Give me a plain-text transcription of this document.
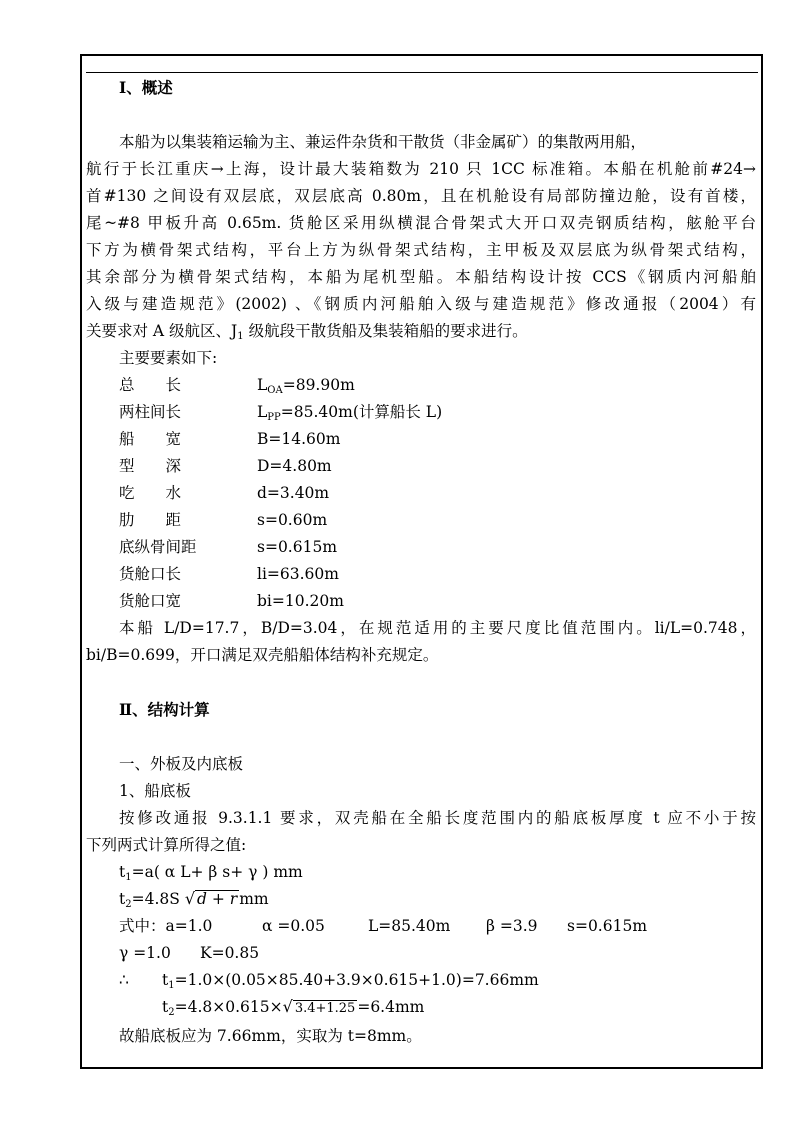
Ⅰ、概述
本船为以集装箱运输为主、兼运件杂货和干散货（非金属矿）的集散两用船，
航行于长江重庆→上海，设计最大装箱数为 210 只 1CC 标准箱。本船在机舱前#24→
首#130 之间设有双层底，双层底高 0.80m，且在机舱设有局部防撞边舱，设有首楼，
尾~#8 甲板升高 0.65m. 货舱区采用纵横混合骨架式大开口双壳钢质结构，舷舱平台
下方为横骨架式结构，平台上方为纵骨架式结构，主甲板及双层底为纵骨架式结构，
其余部分为横骨架式结构，本船为尾机型船。本船结构设计按 CCS《钢质内河船舶
入级与建造规范》(2002) 、《钢质内河船舶入级与建造规范》修改通报（2004）有
关要求对 A 级航区、$J_1$ 级航段干散货船及集装箱船的要求进行。
主要要素如下:
总　　长	$L_{OA}=89.90m$
两柱间长	$L_{PP}=85.40m$(计算船长 L)
船　　宽	B=14.60m
型　　深	D=4.80m
吃　　水	d=3.40m
肋　　距	s=0.60m
底纵骨间距	s=0.615m
货舱口长	li=63.60m
货舱口宽	bi=10.20m
本船 L/D=17.7，B/D=3.04，在规范适用的主要尺度比值范围内。li/L=0.748，
bi/B=0.699，开口满足双壳船船体结构补充规定。
Ⅱ、结构计算
一、外板及内底板
1、船底板
按修改通报 9.3.1.1 要求，双壳船在全船长度范围内的船底板厚度 t 应不小于按
下列两式计算所得之值:
$t_1=a$( α L+ β s+ γ ) mm
$t_2=4.8S$ √ d + r mm
式中：a=1.0	α =0.05	L=85.40m β =3.9 s=0.615m
γ =1.0 K=0.85
∴ $t_1=1.0\times(0.05\times 85.40+3.9\times 0.615+1.0)=7.66mm$
$t_2=4.8\times 0.615\times√$ 3.4+1.25 =6.4mm
故船底板应为 7.66mm，实取为 t=8mm。
